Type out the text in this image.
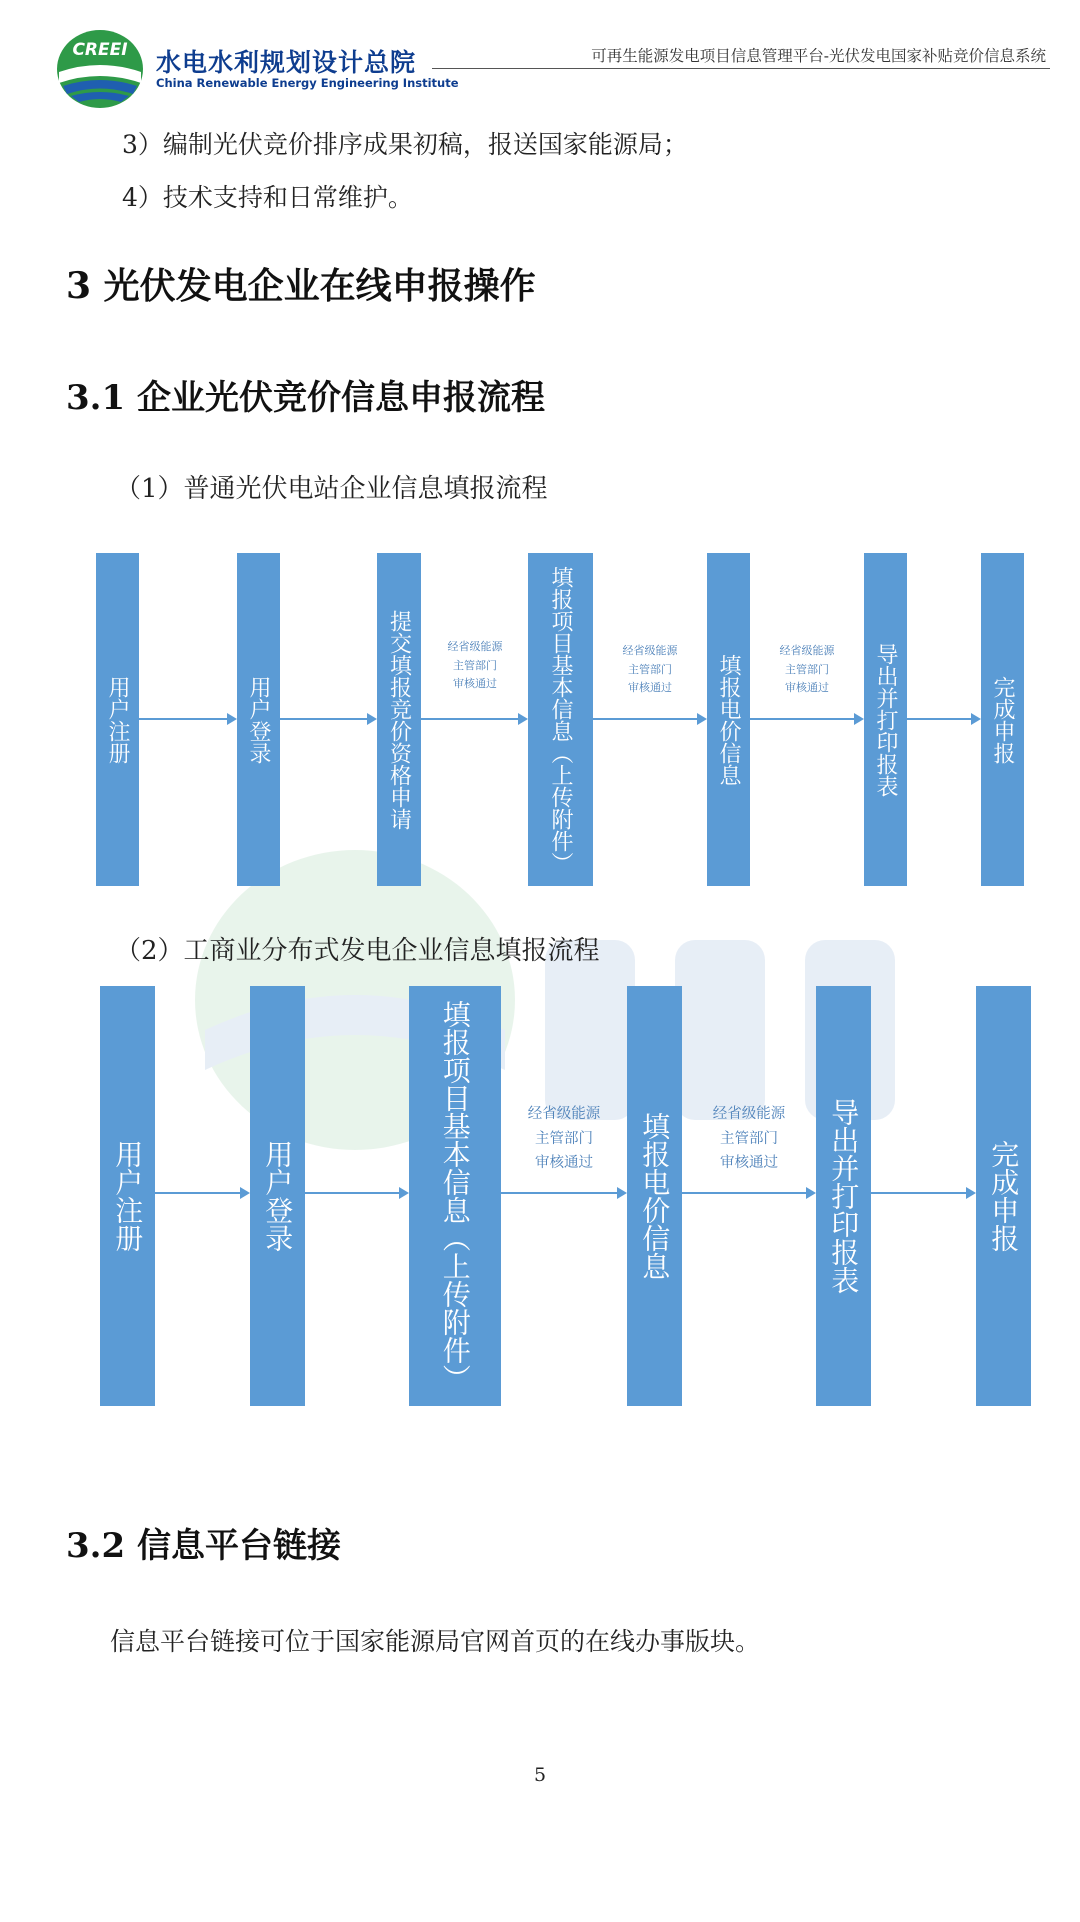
CREEI 水电水利规划设计总院
China Renewable Energy Engineering Institute
可再生能源发电项目信息管理平台-光伏发电国家补贴竞价信息系统
3）编制光伏竞价排序成果初稿，报送国家能源局；
4）技术支持和日常维护。
3 光伏发电企业在线申报操作
3.1 企业光伏竞价信息申报流程
（1）普通光伏电站企业信息填报流程
用户注册	用户登录	提交填报竞价资格申请	经省级能源
主管部门
审核通过	填报项目基本信息（上传附件）	经省级能源
主管部门
审核通过	填报电价信息
经省级能源
主管部门
审核通过	导出并打印报表	完成申报
（2）工商业分布式发电企业信息填报流程
用户注册	用户登录	填报项目基本信息（上传附件）	经省级能源
主管部门
审核通过	填报电价信息	经省级能源
主管部门
审核通过	导出并打印报表	完成申报
3.2 信息平台链接
信息平台链接可位于国家能源局官网首页的在线办事版块。
5
